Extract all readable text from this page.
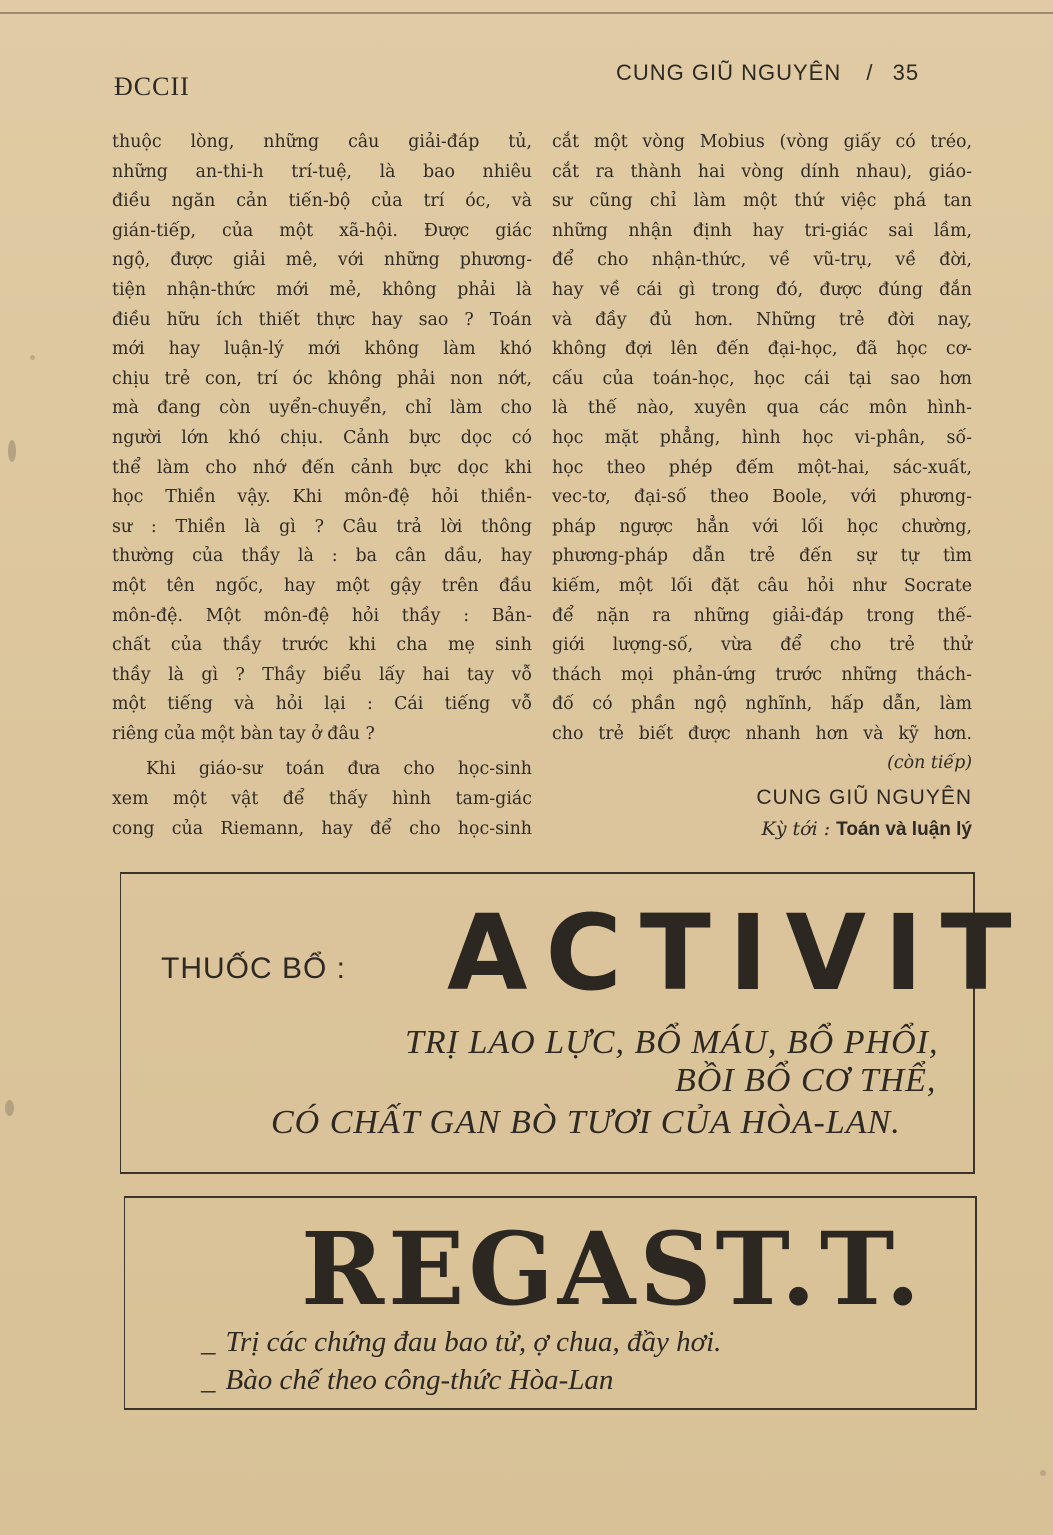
ĐCCII	CUNG GIŨ NGUYÊN / 35
thuộc lòng, những câu giải-đáp tủ,
những an-thi-h trí-tuệ, là bao nhiêu
điều ngăn cản tiến-bộ của trí óc, và
gián-tiếp, của một xã-hội. Được giác
ngộ, được giải mê, với những phương-
tiện nhận-thức mới mẻ, không phải là
điều hữu ích thiết thực hay sao ? Toán
mới hay luận-lý mới không làm khó
chịu trẻ con, trí óc không phải non nớt,
mà đang còn uyển-chuyển, chỉ làm cho
người lớn khó chịu. Cảnh bực dọc có
thể làm cho nhớ đến cảnh bực dọc khi
học Thiền vậy. Khi môn-đệ hỏi thiền-
sư : Thiền là gì ? Câu trả lời thông
thường của thầy là : ba cân dầu, hay
một tên ngốc, hay một gậy trên đầu
môn-đệ. Một môn-đệ hỏi thầy : Bản-
chất của thầy trước khi cha mẹ sinh
thầy là gì ? Thầy biểu lấy hai tay vỗ
một tiếng và hỏi lại : Cái tiếng vỗ
riêng của một bàn tay ở đâu ?
Khi giáo-sư toán đưa cho học-sinh
xem một vật để thấy hình tam-giác
cong của Riemann, hay để cho học-sinh
cắt một vòng Mobius (vòng giấy có tréo,
cắt ra thành hai vòng dính nhau), giáo-
sư cũng chỉ làm một thứ việc phá tan
những nhận định hay tri-giác sai lầm,
để cho nhận-thức, về vũ-trụ, về đời,
hay về cái gì trong đó, được đúng đắn
và đầy đủ hơn. Những trẻ đời nay,
không đợi lên đến đại-học, đã học cơ-
cấu của toán-học, học cái tại sao hơn
là thế nào, xuyên qua các môn hình-
học mặt phẳng, hình học vi-phân, số-
học theo phép đếm một-hai, sác-xuất,
vec-tơ, đại-số theo Boole, với phương-
pháp ngược hẳn với lối học chường,
phương-pháp dẫn trẻ đến sự tự tìm
kiếm, một lối đặt câu hỏi như Socrate
để nặn ra những giải-đáp trong thế-
giới lượng-số, vừa để cho trẻ thử
thách mọi phản-ứng trước những thách-
đố có phần ngộ nghĩnh, hấp dẫn, làm
cho trẻ biết được nhanh hơn và kỹ hơn.
(còn tiếp)
CUNG GIŨ NGUYÊN
Kỳ tới : Toán và luận lý
THUỐC BỔ : ACTIVIT
TRỊ LAO LỰC, BỔ MÁU, BỔ PHỔI,
BỒI BỔ CƠ THỂ,
CÓ CHẤT GAN BÒ TƯƠI CỦA HÒA-LAN.
REGAST.T.
_ Trị các chứng đau bao tử, ợ chua, đầy hơi.
_ Bào chế theo công-thức Hòa-Lan
